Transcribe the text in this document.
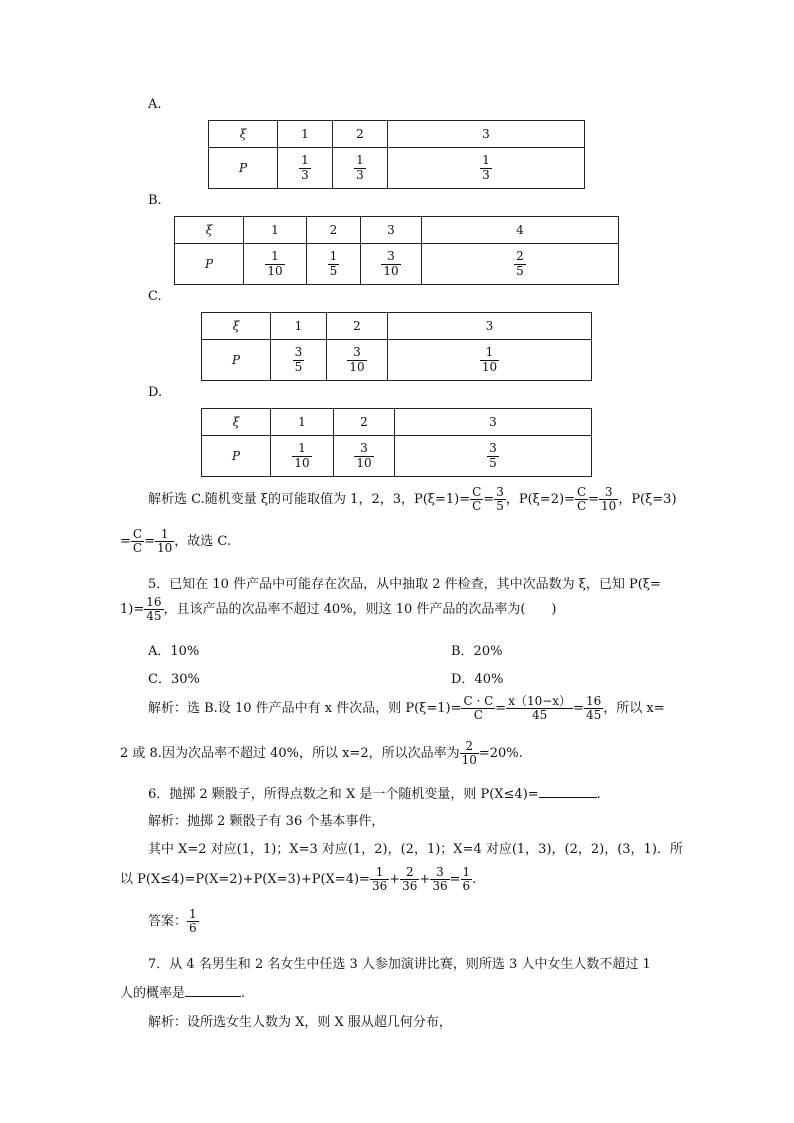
A.
ξ	1	2	3
P	$\frac{1}{3}$	$\frac{1}{3}$	$\frac{1}{3}$
B.
ξ	1	2	3	4
P	$\frac{1}{10}$	$\frac{1}{5}$	$\frac{3}{10}$	$\frac{2}{5}$
C.
ξ	1	2	3
P	$\frac{3}{5}$	$\frac{3}{10}$	$\frac{1}{10}$
D.
ξ	1	2	3
P	$\frac{1}{10}$	$\frac{3}{10}$	$\frac{3}{5}$
解析选 C.随机变量 ξ的可能取值为 1，2，3，$P(\xi=1)= \frac{C}{C} = \frac{3}{5}$ ，$P(\xi=2)= \frac{C}{C} = \frac{3}{10}$ ，P(ξ=3)
= $\frac{C}{C} = \frac{1}{10}$ ，故选 C.
5．已知在 10 件产品中可能存在次品，从中抽取 2 件检查，其中次品数为 ξ，已知 P(ξ=
$1)= \frac{16}{45}$ ，且该产品的次品率不超过 40%，则这 10 件产品的次品率为(　　)
A．10%	B．20%
C．30%	D．40%
解析：选 B.设 10 件产品中有 x 件次品，则 $P(\xi=1)= \frac{C \cdot C}{C} = \frac{x(10-x)}{45} = \frac{16}{45}$ ，所以 x=
2 或 8.因为次品率不超过 40%，所以 x=2，所以次品率为 $\frac{2}{10} =20\%$.
6．抛掷 2 颗骰子，所得点数之和 X 是一个随机变量，则 P(X≤4)=	.
解析：抛掷 2 颗骰子有 36 个基本事件，
其中 X=2 对应(1，1)；X=3 对应(1，2)，(2，1)；X=4 对应(1，3)，(2，2)，(3，1)．所
以 $P(X\le 4)=P(X=2)+P(X=3)+P(X=4)= \frac{1}{36} + \frac{2}{36} + \frac{3}{36} = \frac{1}{6}$ .
答案： $\frac{1}{6}$
7．从 4 名男生和 2 名女生中任选 3 人参加演讲比赛，则所选 3 人中女生人数不超过 1
人的概率是	.
解析：设所选女生人数为 X，则 X 服从超几何分布，
